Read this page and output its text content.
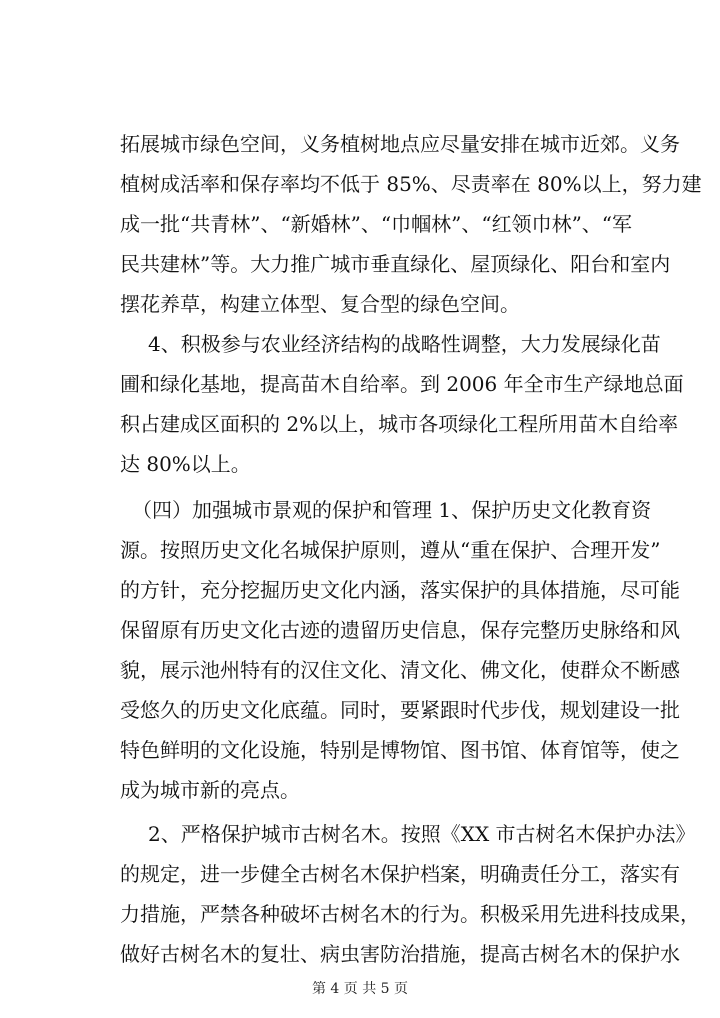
拓展城市绿色空间，义务植树地点应尽量安排在城市近郊。义务
植树成活率和保存率均不低于 85%、尽责率在 80%以上，努力建
成一批“共青林”、“新婚林”、“巾帼林”、“红领巾林”、“军
民共建林”等。大力推广城市垂直绿化、屋顶绿化、阳台和室内
摆花养草，构建立体型、复合型的绿色空间。
4、积极参与农业经济结构的战略性调整，大力发展绿化苗
圃和绿化基地，提高苗木自给率。到 2006 年全市生产绿地总面
积占建成区面积的 2%以上，城市各项绿化工程所用苗木自给率
达 80%以上。
（四）加强城市景观的保护和管理 1、保护历史文化教育资
源。按照历史文化名城保护原则，遵从“重在保护、合理开发”
的方针，充分挖掘历史文化内涵，落实保护的具体措施，尽可能
保留原有历史文化古迹的遗留历史信息，保存完整历史脉络和风
貌，展示池州特有的汉住文化、清文化、佛文化，使群众不断感
受悠久的历史文化底蕴。同时，要紧跟时代步伐，规划建设一批
特色鲜明的文化设施，特别是博物馆、图书馆、体育馆等，使之
成为城市新的亮点。
2、严格保护城市古树名木。按照《XX 市古树名木保护办法》
的规定，进一步健全古树名木保护档案，明确责任分工，落实有
力措施，严禁各种破坏古树名木的行为。积极采用先进科技成果，
做好古树名木的复壮、病虫害防治措施，提高古树名木的保护水
第 4 页 共 5 页
